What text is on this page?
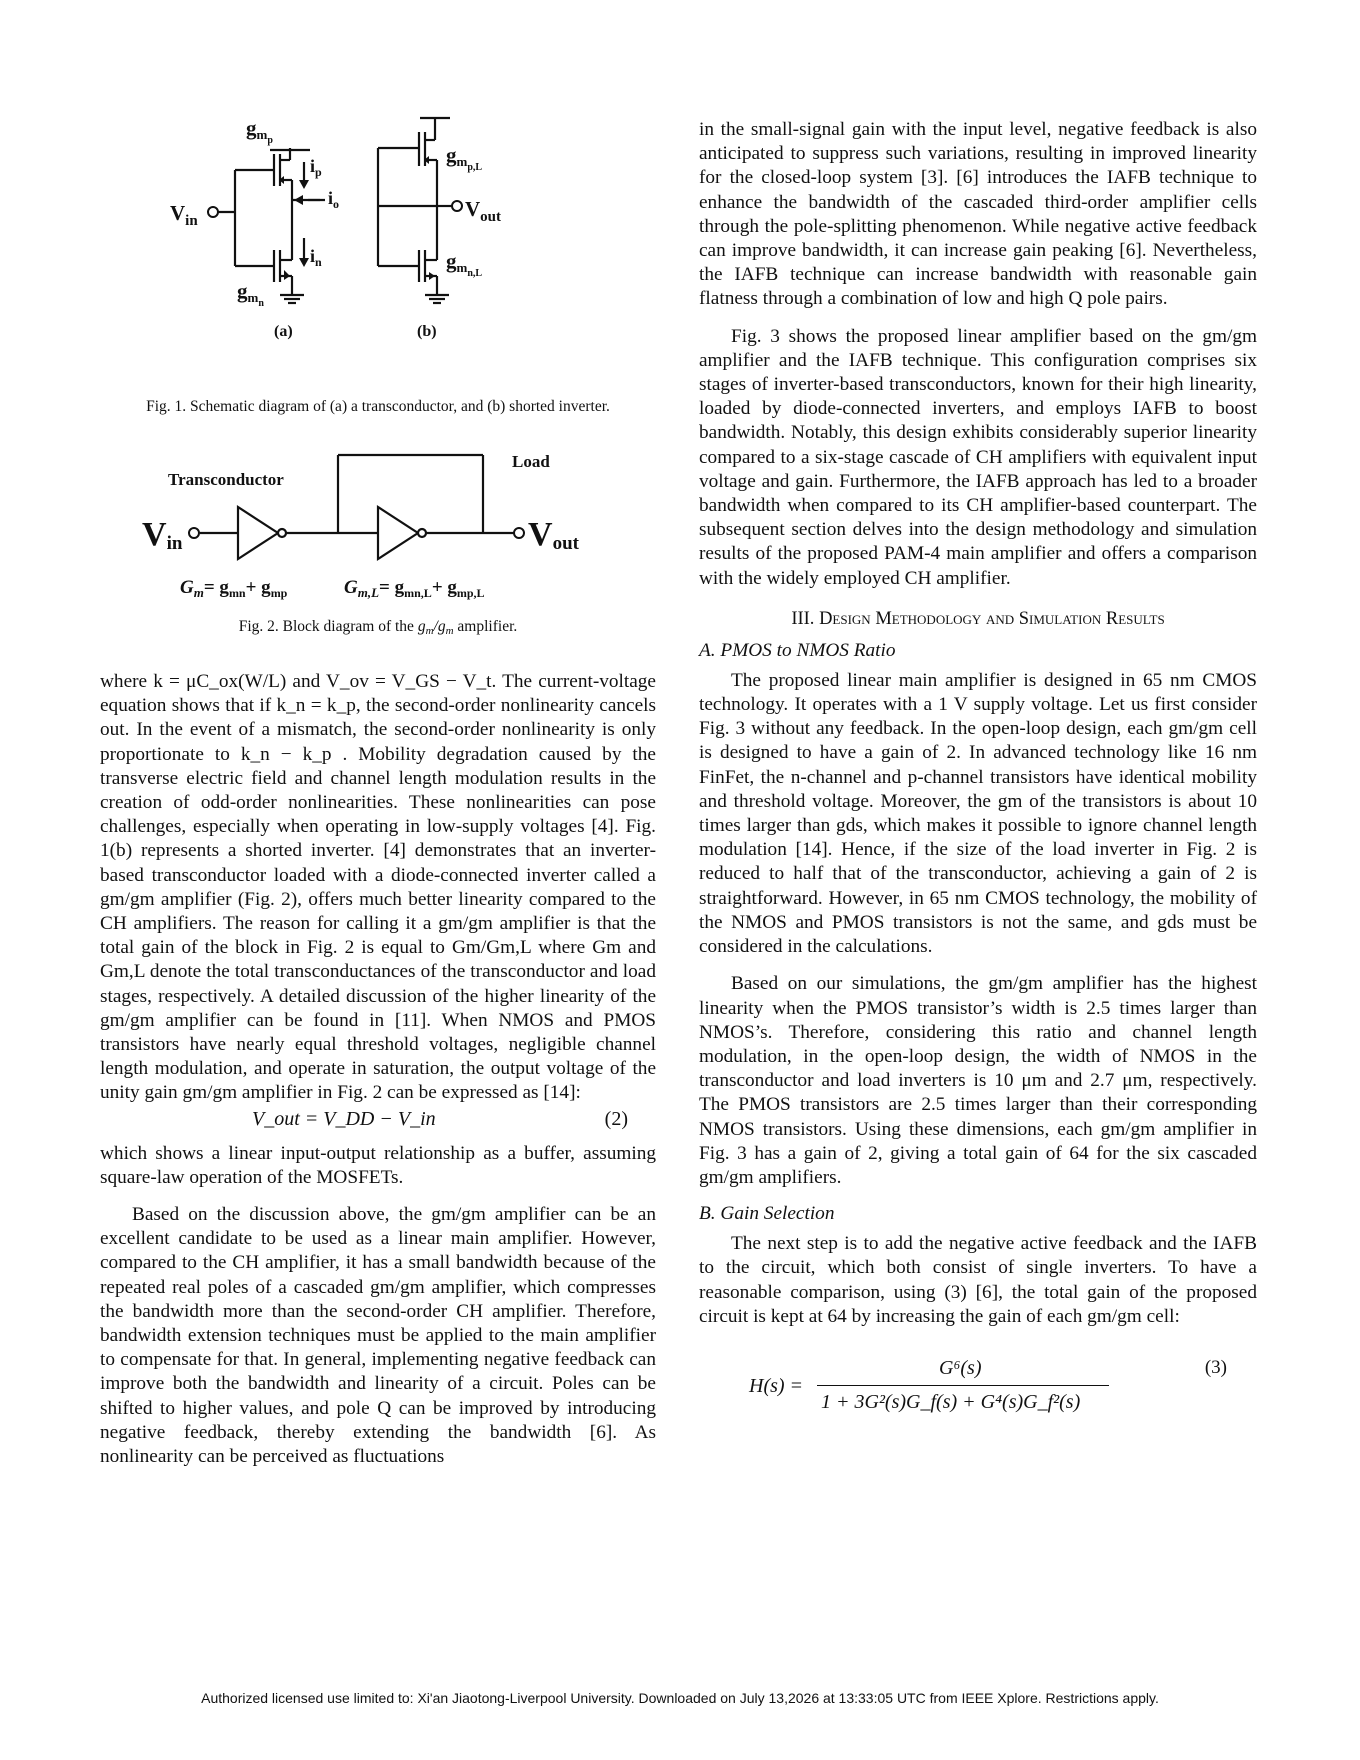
$V_{in}$
gmp
gmn
$i_p$
$i_o$
$i_n$
gmp,L
$V_{out}$
gmn,L
(a)	(b)
Fig. 1. Schematic diagram of (a) a transconductor, and (b) shorted inverter.
Transconductor
Load
Vin	Vout
$G_m= g_{mn}+ g_{mp}$	$G_{m,L}= g_{mn,L}+ g_{mp,L}$
Fig. 2. Block diagram of the gm/gm amplifier.

where k = μC_ox(W/L) and V_ov = V_GS − V_t. The current-voltage equation shows that if k_n = k_p, the second-order nonlinearity cancels out. In the event of a mismatch, the second-order nonlinearity is only proportionate to k_n − k_p . Mobility degradation caused by the transverse electric field and channel length modulation results in the creation of odd-order nonlinearities. These nonlinearities can pose challenges, especially when operating in low-supply voltages [4]. Fig. 1(b) represents a shorted inverter. [4] demonstrates that an inverter-based transconductor loaded with a diode-connected inverter called a gm/gm amplifier (Fig. 2), offers much better linearity compared to the CH amplifiers. The reason for calling it a gm/gm amplifier is that the total gain of the block in Fig. 2 is equal to Gm/Gm,L where Gm and Gm,L denote the total transconductances of the transconductor and load stages, respectively. A detailed discussion of the higher linearity of the gm/gm amplifier can be found in [11]. When NMOS and PMOS transistors have nearly equal threshold voltages, negligible channel length modulation, and operate in saturation, the output voltage of the unity gain gm/gm amplifier in Fig. 2 can be expressed as [14]:

V_out = V_DD − V_in	(2)

which shows a linear input-output relationship as a buffer, assuming square-law operation of the MOSFETs.

Based on the discussion above, the gm/gm amplifier can be an excellent candidate to be used as a linear main amplifier. However, compared to the CH amplifier, it has a small bandwidth because of the repeated real poles of a cascaded gm/gm amplifier, which compresses the bandwidth more than the second-order CH amplifier. Therefore, bandwidth extension techniques must be applied to the main amplifier to compensate for that. In general, implementing negative feedback can improve both the bandwidth and linearity of a circuit. Poles can be shifted to higher values, and pole Q can be improved by introducing negative feedback, thereby extending the bandwidth [6]. As nonlinearity can be perceived as fluctuations

in the small-signal gain with the input level, negative feedback is also anticipated to suppress such variations, resulting in improved linearity for the closed-loop system [3]. [6] introduces the IAFB technique to enhance the bandwidth of the cascaded third-order amplifier cells through the pole-splitting phenomenon. While negative active feedback can improve bandwidth, it can increase gain peaking [6]. Nevertheless, the IAFB technique can increase bandwidth with reasonable gain flatness through a combination of low and high Q pole pairs.

Fig. 3 shows the proposed linear amplifier based on the gm/gm amplifier and the IAFB technique. This configuration comprises six stages of inverter-based transconductors, known for their high linearity, loaded by diode-connected inverters, and employs IAFB to boost bandwidth. Notably, this design exhibits considerably superior linearity compared to a six-stage cascade of CH amplifiers with equivalent input voltage and gain. Furthermore, the IAFB approach has led to a broader bandwidth when compared to its CH amplifier-based counterpart. The subsequent section delves into the design methodology and simulation results of the proposed PAM-4 main amplifier and offers a comparison with the widely employed CH amplifier.

III. Design Methodology and Simulation Results

A. PMOS to NMOS Ratio

The proposed linear main amplifier is designed in 65 nm CMOS technology. It operates with a 1 V supply voltage. Let us first consider Fig. 3 without any feedback. In the open-loop design, each gm/gm cell is designed to have a gain of 2. In advanced technology like 16 nm FinFet, the n-channel and p-channel transistors have identical mobility and threshold voltage. Moreover, the gm of the transistors is about 10 times larger than gds, which makes it possible to ignore channel length modulation [14]. Hence, if the size of the load inverter in Fig. 2 is reduced to half that of the transconductor, achieving a gain of 2 is straightforward. However, in 65 nm CMOS technology, the mobility of the NMOS and PMOS transistors is not the same, and gds must be considered in the calculations.

Based on our simulations, the gm/gm amplifier has the highest linearity when the PMOS transistor’s width is 2.5 times larger than NMOS’s. Therefore, considering this ratio and channel length modulation, in the open-loop design, the width of NMOS in the transconductor and load inverters is 10 μm and 2.7 μm, respectively. The PMOS transistors are 2.5 times larger than their corresponding NMOS transistors. Using these dimensions, each gm/gm amplifier in Fig. 3 has a gain of 2, giving a total gain of 64 for the six cascaded gm/gm amplifiers.

B. Gain Selection

The next step is to add the negative active feedback and the IAFB to the circuit, which both consist of single inverters. To have a reasonable comparison, using (3) [6], the total gain of the proposed circuit is kept at 64 by increasing the gain of each gm/gm cell:

H(s) =
G⁶(s)
1 + 3G²(s)G_f(s) + G⁴(s)G_f²(s)
(3)
Authorized licensed use limited to: Xi'an Jiaotong-Liverpool University. Downloaded on July 13,2026 at 13:33:05 UTC from IEEE Xplore. Restrictions apply.
